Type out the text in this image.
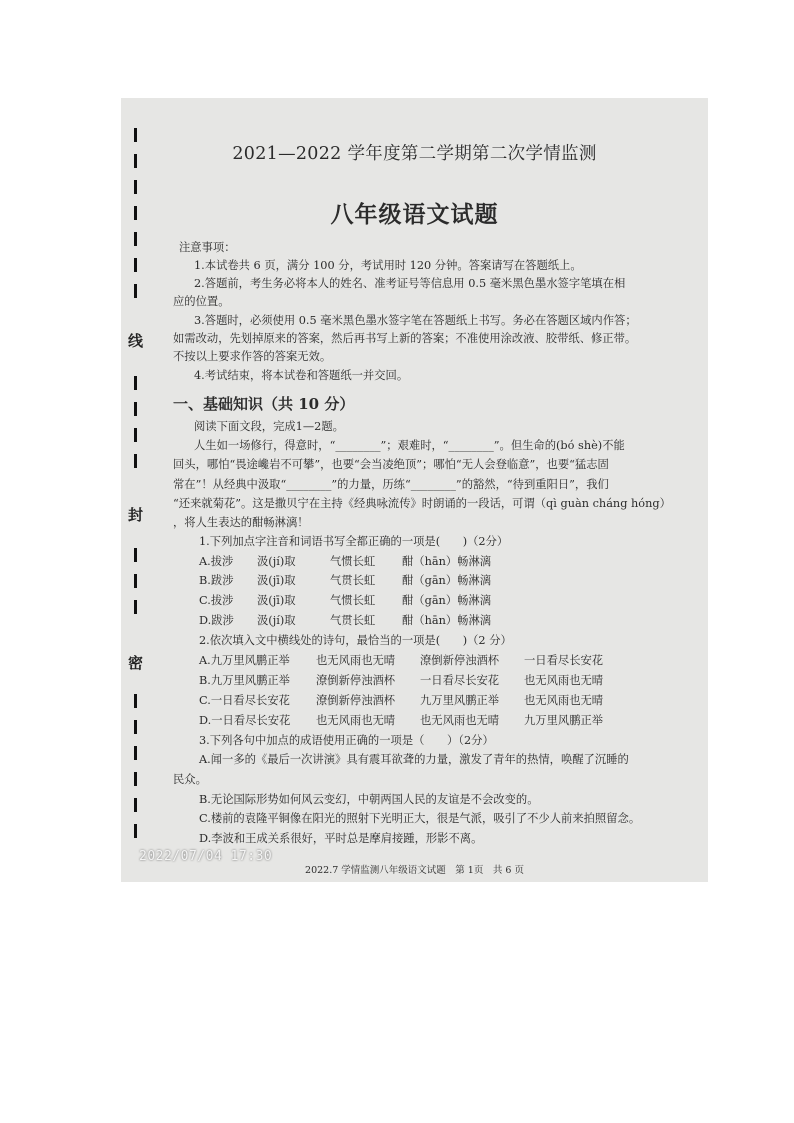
线
封
密
2021—2022 学年度第二学期第二次学情监测
八年级语文试题
注意事项：
1.本试卷共 6 页，满分 100 分，考试用时 120 分钟。答案请写在答题纸上。
2.答题前，考生务必将本人的姓名、准考证号等信息用 0.5 毫米黑色墨水签字笔填在相
应的位置。
3.答题时，必须使用 0.5 毫米黑色墨水签字笔在答题纸上书写。务必在答题区域内作答；
如需改动，先划掉原来的答案，然后再书写上新的答案；不准使用涂改液、胶带纸、修正带。
不按以上要求作答的答案无效。
4.考试结束，将本试卷和答题纸一并交回。
一、基础知识（共 10 分）
阅读下面文段，完成1—2题。
人生如一场修行，得意时，“________”；艰难时，“________”。但生命的(bó shè)不能
回头，哪怕“畏途巉岩不可攀”，也要“会当凌绝顶”；哪怕“无人会登临意”，也要“猛志固
常在”！从经典中汲取“________”的力量，历练“________”的豁然，“待到重阳日”，我们
“还来就菊花”。这是撒贝宁在主持《经典咏流传》时朗诵的一段话，可谓（qì guàn cháng hóng）
，将人生表达的酣畅淋漓！
1.下列加点字注音和词语书写全都正确的一项是(　　)（2分）
A.拔涉 汲(jí)取	气惯长虹 酣（hān）畅淋漓
B.跋涉 汲(jī)取	气贯长虹 酣（gān）畅淋漓
C.拔涉 汲(jī)取	气惯长虹 酣（gān）畅淋漓
D.跋涉 汲(jí)取	气贯长虹 酣（hān）畅淋漓
2.依次填入文中横线处的诗句，最恰当的一项是(　　)（2 分）
A.九万里风鹏正举 也无风雨也无晴 潦倒新停浊酒杯 一日看尽长安花
B.九万里风鹏正举 潦倒新停浊酒杯 一日看尽长安花 也无风雨也无晴
C.一日看尽长安花 潦倒新停浊酒杯 九万里风鹏正举 也无风雨也无晴
D.一日看尽长安花 也无风雨也无晴 也无风雨也无晴 九万里风鹏正举
3.下列各句中加点的成语使用正确的一项是（　　）（2分）
A.闻一多的《最后一次讲演》具有震耳欲聋的力量，激发了青年的热情，唤醒了沉睡的
民众。
B.无论国际形势如何风云变幻，中朝两国人民的友谊是不会改变的。
C.楼前的袁隆平铜像在阳光的照射下光明正大，很是气派，吸引了不少人前来拍照留念。
D.李波和王成关系很好，平时总是摩肩接踵，形影不离。
2022/07/04 17:30
2022.7 学情监测八年级语文试题　第 1页　共 6 页
